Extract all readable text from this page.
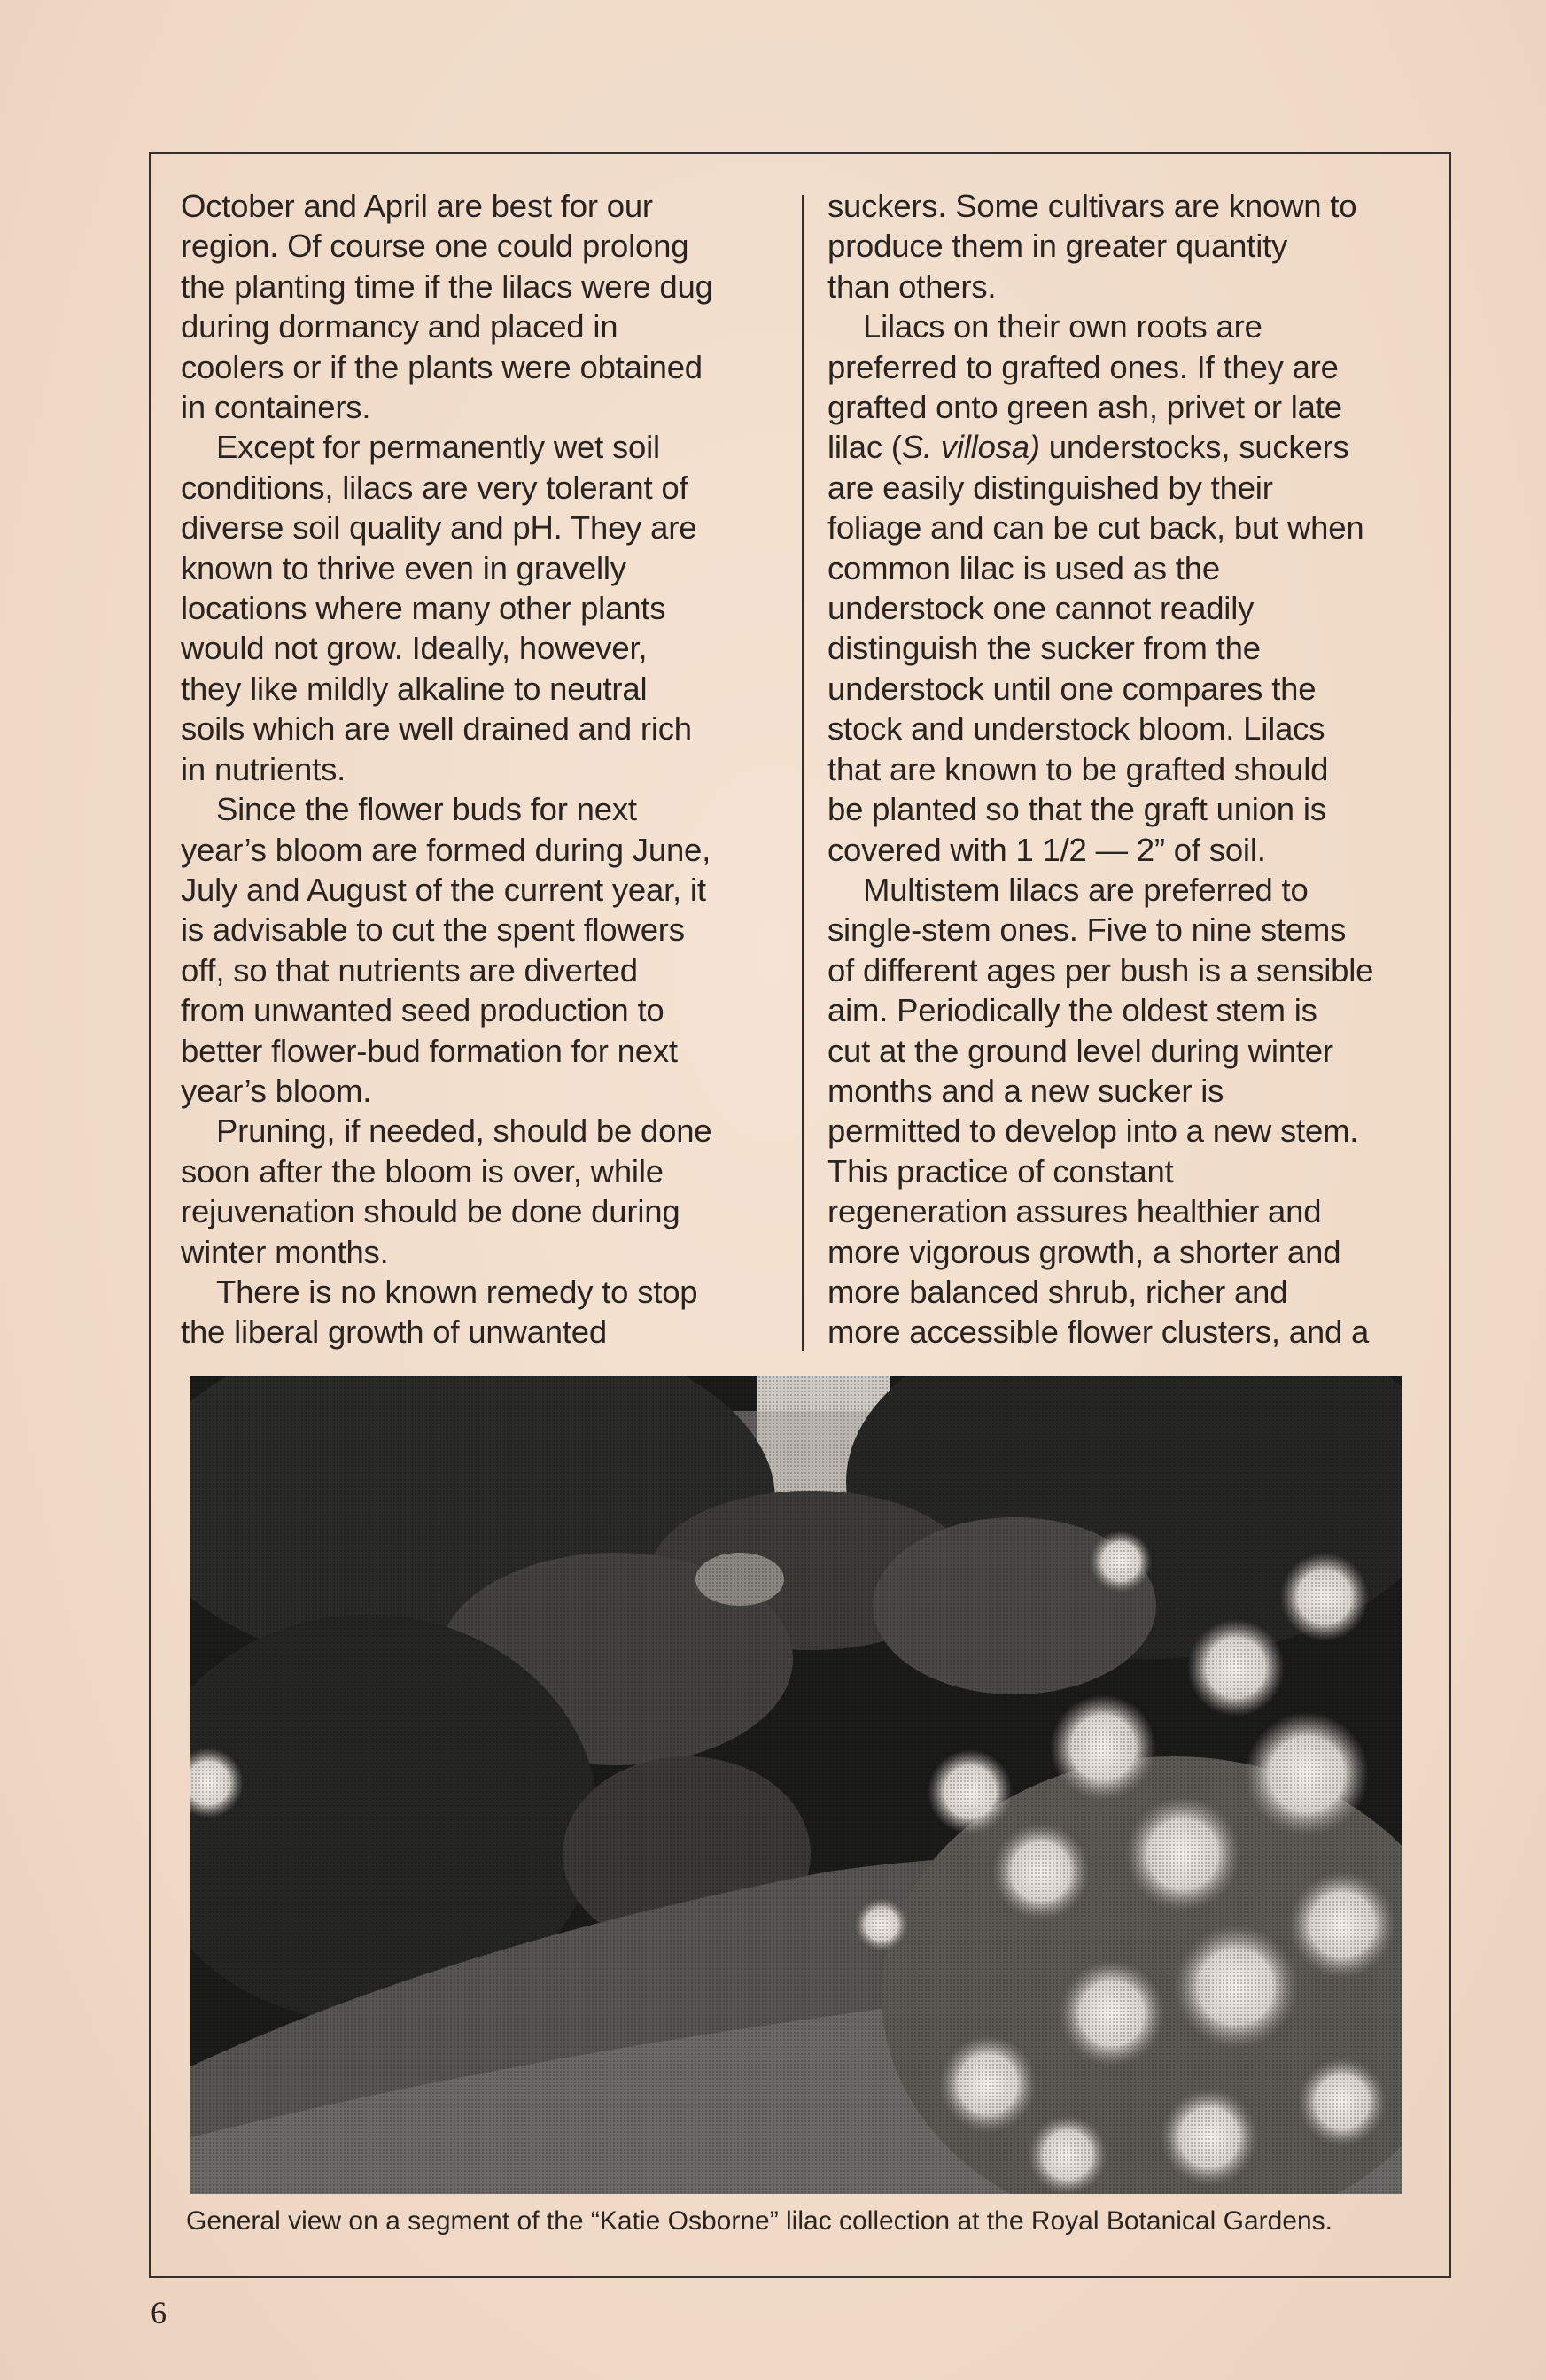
October and April are best for our
region. Of course one could prolong
the planting time if the lilacs were dug
during dormancy and placed in
coolers or if the plants were obtained
in containers.

Except for permanently wet soil
conditions, lilacs are very tolerant of
diverse soil quality and pH. They are
known to thrive even in gravelly
locations where many other plants
would not grow. Ideally, however,
they like mildly alkaline to neutral
soils which are well drained and rich
in nutrients.

Since the flower buds for next
year’s bloom are formed during June,
July and August of the current year, it
is advisable to cut the spent flowers
off, so that nutrients are diverted
from unwanted seed production to
better flower-bud formation for next
year’s bloom.

Pruning, if needed, should be done
soon after the bloom is over, while
rejuvenation should be done during
winter months.

There is no known remedy to stop
the liberal growth of unwanted

suckers. Some cultivars are known to
produce them in greater quantity
than others.

Lilacs on their own roots are
preferred to grafted ones. If they are
grafted onto green ash, privet or late
lilac (S. villosa) understocks, suckers
are easily distinguished by their
foliage and can be cut back, but when
common lilac is used as the
understock one cannot readily
distinguish the sucker from the
understock until one compares the
stock and understock bloom. Lilacs
that are known to be grafted should
be planted so that the graft union is
covered with 1 1/2 — 2” of soil.

Multistem lilacs are preferred to
single-stem ones. Five to nine stems
of different ages per bush is a sensible
aim. Periodically the oldest stem is
cut at the ground level during winter
months and a new sucker is
permitted to develop into a new stem.
This practice of constant
regeneration assures healthier and
more vigorous growth, a shorter and
more balanced shrub, richer and
more accessible flower clusters, and a

General view on a segment of the “Katie Osborne” lilac collection at the Royal Botanical Gardens.
6
